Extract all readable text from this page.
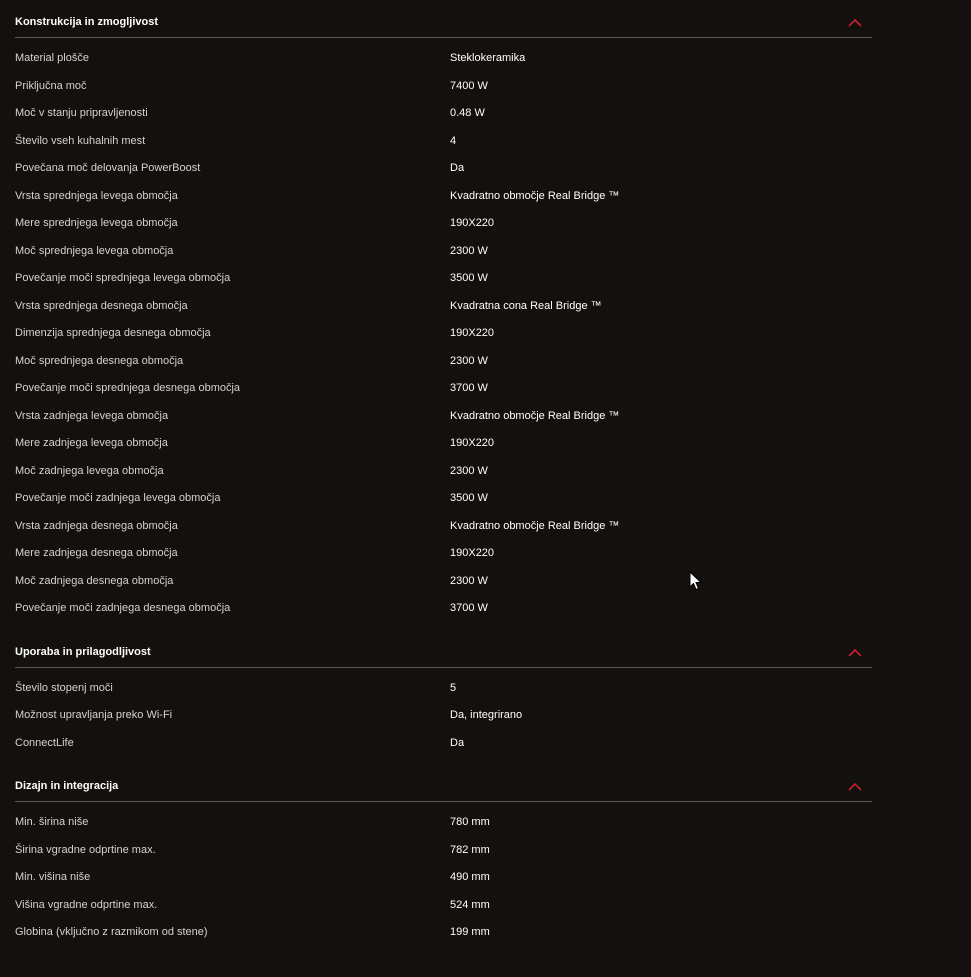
Konstrukcija in zmogljivost
Material plošče	Steklokeramika
Priključna moč	7400 W
Moč v stanju pripravljenosti	0.48 W
Število vseh kuhalnih mest	4
Povečana moč delovanja PowerBoost	Da
Vrsta sprednjega levega območja	Kvadratno območje Real Bridge ™
Mere sprednjega levega območja	190X220
Moč sprednjega levega območja	2300 W
Povečanje moči sprednjega levega območja	3500 W
Vrsta sprednjega desnega območja	Kvadratna cona Real Bridge ™
Dimenzija sprednjega desnega območja	190X220
Moč sprednjega desnega območja	2300 W
Povečanje moči sprednjega desnega območja	3700 W
Vrsta zadnjega levega območja	Kvadratno območje Real Bridge ™
Mere zadnjega levega območja	190X220
Moč zadnjega levega območja	2300 W
Povečanje moči zadnjega levega območja	3500 W
Vrsta zadnjega desnega območja	Kvadratno območje Real Bridge ™
Mere zadnjega desnega območja	190X220
Moč zadnjega desnega območja	2300 W
Povečanje moči zadnjega desnega območja	3700 W
Uporaba in prilagodljivost
Število stopenj moči	5
Možnost upravljanja preko Wi-Fi	Da, integrirano
ConnectLife	Da
Dizajn in integracija
Min. širina niše	780 mm
Širina vgradne odprtine max.	782 mm
Min. višina niše	490 mm
Višina vgradne odprtine max.	524 mm
Globina (vključno z razmikom od stene)	199 mm
